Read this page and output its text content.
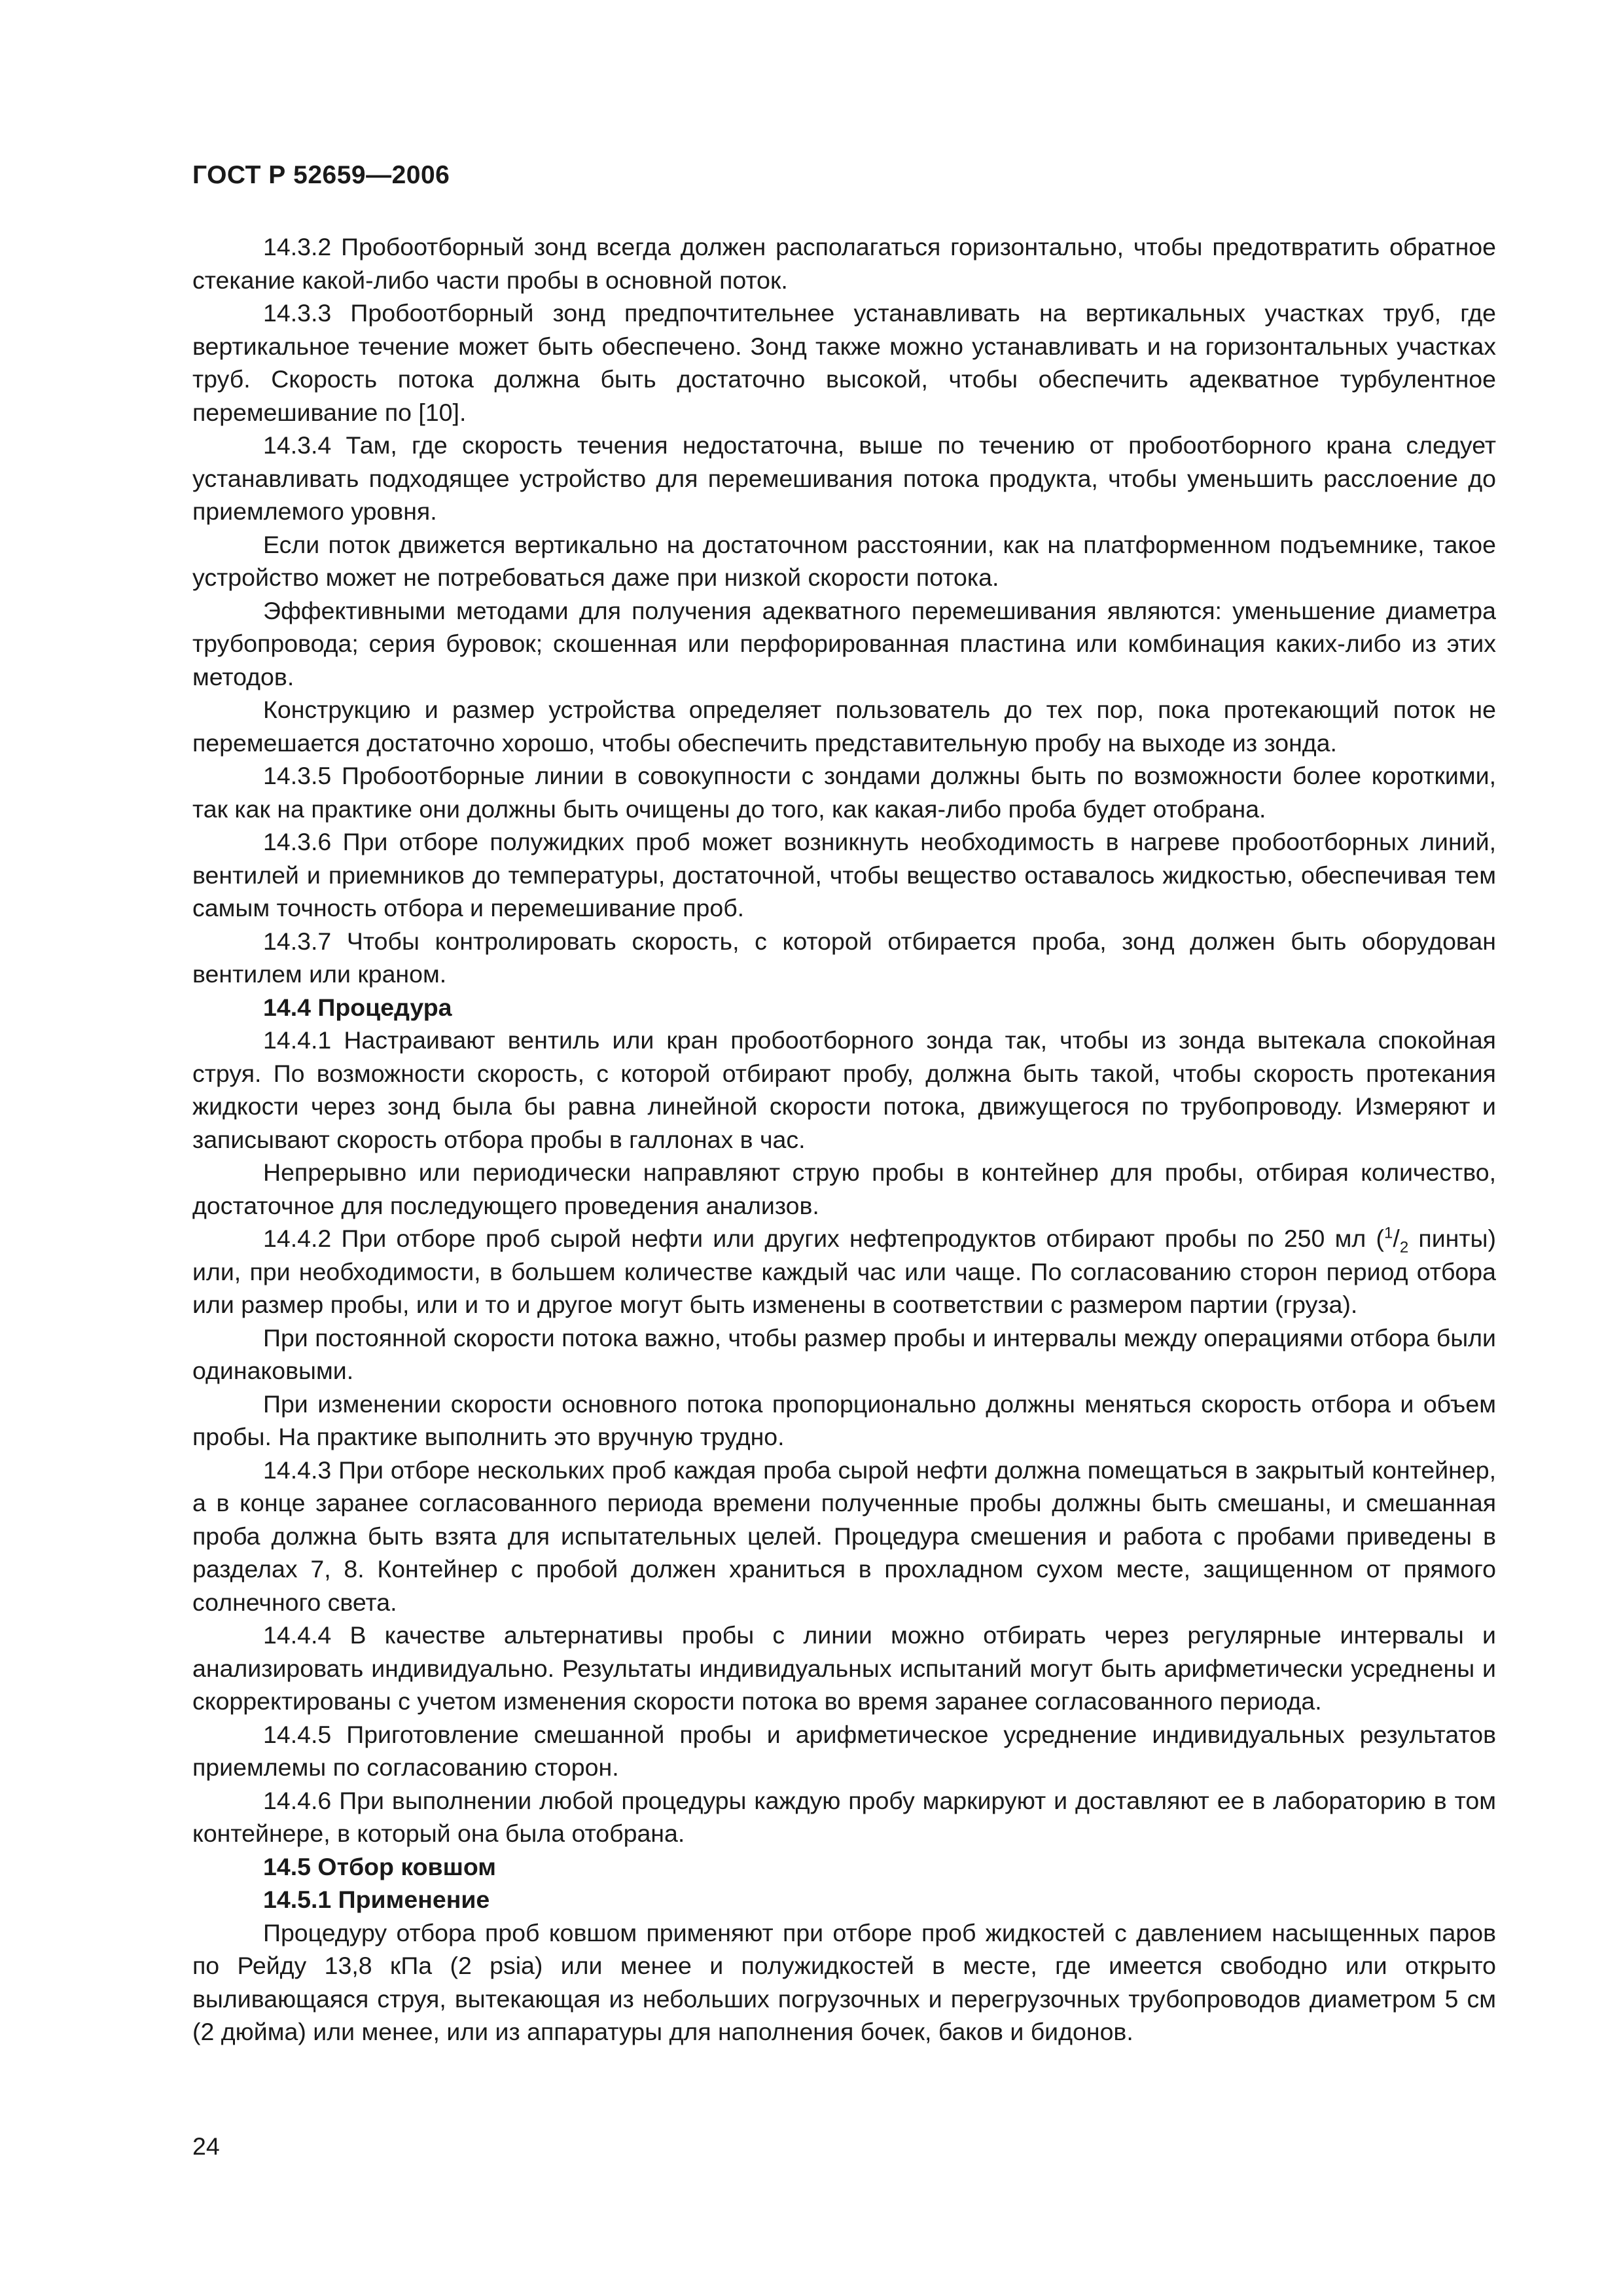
ГОСТ Р 52659—2006

14.3.2 Пробоотборный зонд всегда должен располагаться горизонтально, чтобы предотвратить обратное стекание какой-либо части пробы в основной поток.

14.3.3 Пробоотборный зонд предпочтительнее устанавливать на вертикальных участках труб, где вертикальное течение может быть обеспечено. Зонд также можно устанавливать и на горизонтальных участках труб. Скорость потока должна быть достаточно высокой, чтобы обеспечить адекватное турбулентное перемешивание по [10].

14.3.4 Там, где скорость течения недостаточна, выше по течению от пробоотборного крана следует устанавливать подходящее устройство для перемешивания потока продукта, чтобы уменьшить расслоение до приемлемого уровня.

Если поток движется вертикально на достаточном расстоянии, как на платформенном подъемнике, такое устройство может не потребоваться даже при низкой скорости потока.

Эффективными методами для получения адекватного перемешивания являются: уменьшение диаметра трубопровода; серия буровок; скошенная или перфорированная пластина или комбинация каких-либо из этих методов.

Конструкцию и размер устройства определяет пользователь до тех пор, пока протекающий поток не перемешается достаточно хорошо, чтобы обеспечить представительную пробу на выходе из зонда.

14.3.5 Пробоотборные линии в совокупности с зондами должны быть по возможности более короткими, так как на практике они должны быть очищены до того, как какая-либо проба будет отобрана.

14.3.6 При отборе полужидких проб может возникнуть необходимость в нагреве пробоотборных линий, вентилей и приемников до температуры, достаточной, чтобы вещество оставалось жидкостью, обеспечивая тем самым точность отбора и перемешивание проб.

14.3.7 Чтобы контролировать скорость, с которой отбирается проба, зонд должен быть оборудован вентилем или краном.

14.4 Процедура

14.4.1 Настраивают вентиль или кран пробоотборного зонда так, чтобы из зонда вытекала спокойная струя. По возможности скорость, с которой отбирают пробу, должна быть такой, чтобы скорость протекания жидкости через зонд была бы равна линейной скорости потока, движущегося по трубопроводу. Измеряют и записывают скорость отбора пробы в галлонах в час.

Непрерывно или периодически направляют струю пробы в контейнер для пробы, отбирая количество, достаточное для последующего проведения анализов.

14.4.2 При отборе проб сырой нефти или других нефтепродуктов отбирают пробы по 250 мл ($^1/_2$ пинты) или, при необходимости, в большем количестве каждый час или чаще. По согласованию сторон период отбора или размер пробы, или и то и другое могут быть изменены в соответствии с размером партии (груза).

При постоянной скорости потока важно, чтобы размер пробы и интервалы между операциями отбора были одинаковыми.

При изменении скорости основного потока пропорционально должны меняться скорость отбора и объем пробы. На практике выполнить это вручную трудно.

14.4.3 При отборе нескольких проб каждая проба сырой нефти должна помещаться в закрытый контейнер, а в конце заранее согласованного периода времени полученные пробы должны быть смешаны, и смешанная проба должна быть взята для испытательных целей. Процедура смешения и работа с пробами приведены в разделах 7, 8. Контейнер с пробой должен храниться в прохладном сухом месте, защищенном от прямого солнечного света.

14.4.4 В качестве альтернативы пробы с линии можно отбирать через регулярные интервалы и анализировать индивидуально. Результаты индивидуальных испытаний могут быть арифметически усреднены и скорректированы с учетом изменения скорости потока во время заранее согласованного периода.

14.4.5 Приготовление смешанной пробы и арифметическое усреднение индивидуальных результатов приемлемы по согласованию сторон.

14.4.6 При выполнении любой процедуры каждую пробу маркируют и доставляют ее в лабораторию в том контейнере, в который она была отобрана.

14.5 Отбор ковшом

14.5.1 Применение

Процедуру отбора проб ковшом применяют при отборе проб жидкостей с давлением насыщенных паров по Рейду 13,8 кПа (2 psia) или менее и полужидкостей в месте, где имеется свободно или открыто выливающаяся струя, вытекающая из небольших погрузочных и перегрузочных трубопроводов диаметром 5 см (2 дюйма) или менее, или из аппаратуры для наполнения бочек, баков и бидонов.

24
